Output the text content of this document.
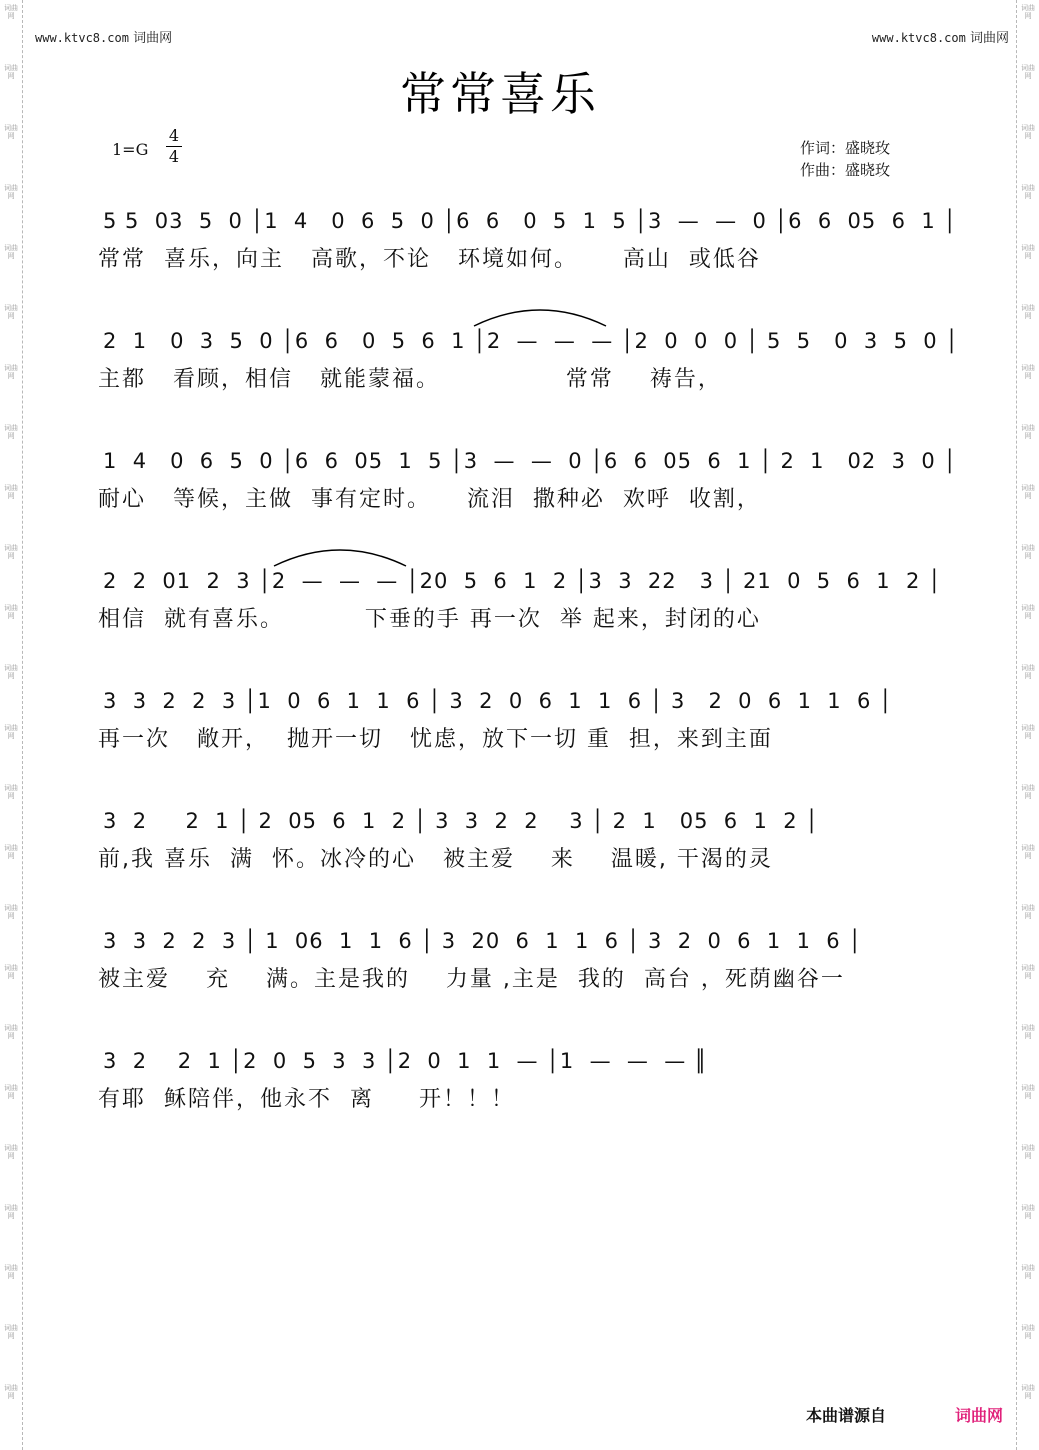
词曲网
词曲网
词曲网
词曲网
词曲网
词曲网
词曲网
词曲网
词曲网
词曲网
词曲网
词曲网
词曲网
词曲网
词曲网
词曲网
词曲网
词曲网
词曲网
词曲网
词曲网
词曲网
词曲网
词曲网
词曲网
词曲网
词曲网
词曲网
词曲网
词曲网
词曲网
词曲网
词曲网
词曲网
词曲网
词曲网
词曲网
词曲网
词曲网
词曲网
词曲网
词曲网
词曲网
词曲网
词曲网
词曲网
词曲网
词曲网
www.ktvc8.com 词曲网	www.ktvc8.com 词曲网
常常喜乐
1=G
4
4	作词：盛晓玫
作曲：盛晓玫
5 5  03  5  0 │1  4   0  6  5  0 │6  6   0  5  1  5 │3  —  —  0 │6  6  05  6  1 │
常常  喜乐，向主   高歌，不论   环境如何。     高山  或低谷
2  1   0  3  5  0 │6  6   0  5  6  1 │2  —  —  — │2  0  0  0 │ 5  5   0  3  5  0 │
主都   看顾，相信   就能蒙福。              常常    祷告，
1  4   0  6  5  0 │6  6  05  1  5 │3  —  —  0 │6  6  05  6  1 │ 2  1   02  3  0 │
耐心   等候，主做  事有定时。    流泪  撒种必  欢呼  收割，
2  2  01  2  3 │2  —  —  — │20  5  6  1  2 │3  3  22   3 │ 21  0  5  6  1  2 │
相信  就有喜乐。         下垂的手 再一次  举 起来，封闭的心
3  3  2  2  3 │1  0  6  1  1  6 │ 3  2  0  6  1  1  6 │ 3   2  0  6  1  1  6 │
再一次   敞开，  抛开一切   忧虑，放下一切 重  担，来到主面
3  2     2  1 │ 2  05  6  1  2 │ 3  3  2  2    3 │ 2  1   05  6  1  2 │
前,我 喜乐  满  怀。冰冷的心   被主爱    来    温暖, 干渴的灵
3  3  2  2  3 │ 1  06  1  1  6 │ 3  20  6  1  1  6 │ 3  2  0  6  1  1  6 │
被主爱    充    满。主是我的    力量 ,主是  我的  高台 ，死荫幽谷一
3  2    2  1 │2  0  5  3  3 │2  0  1  1  — │1  —  —  — ║
有耶  稣陪伴，他永不  离     开！！！
本曲谱源自	词曲网
